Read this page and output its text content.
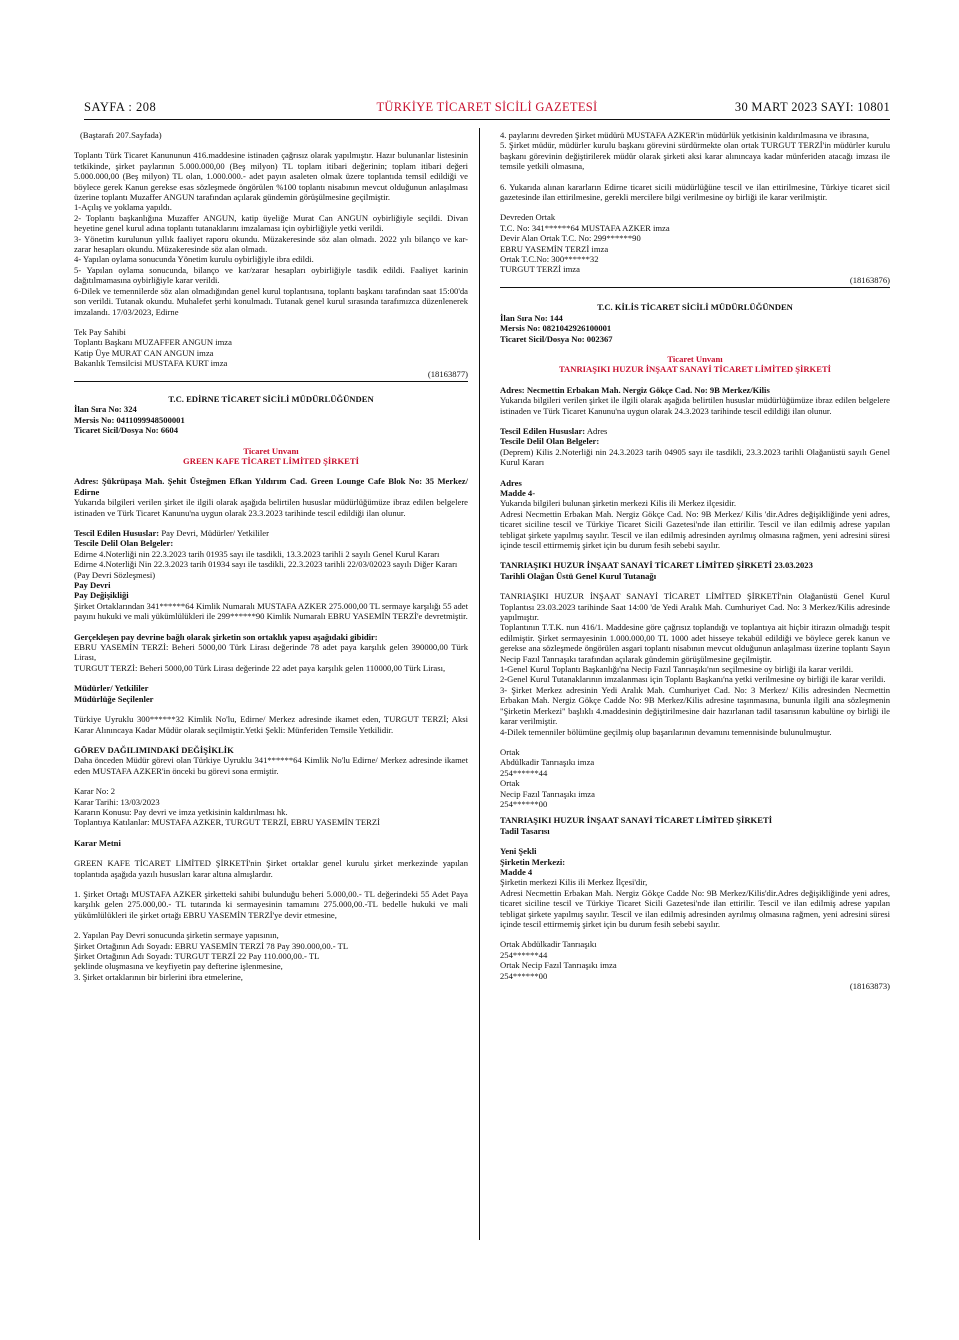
SAYFA : 208	TÜRKİYE TİCARET SİCİLİ GAZETESİ	30 MART 2023 SAYI: 10801

(Baştarafı 207.Sayfada)

Toplantı Türk Ticaret Kanununun 416.maddesine istinaden çağrısız olarak yapılmıştır. Hazır bulunanlar listesinin tetkikinde, şirket paylarının 5.000.000,00 (Beş milyon) TL toplam itibari değerinin; toplam itibari değeri 5.000.000,00 (Beş milyon) TL olan, 1.000.000.- adet payın asaleten olmak üzere toplantıda temsil edildiği ve böylece gerek Kanun gerekse esas sözleşmede öngörülen %100 toplantı nisabının mevcut olduğunun anlaşılması üzerine toplantı Muzaffer ANGUN tarafından açılarak gündemin görüşülmesine geçilmiştir.

1-Açılış ve yoklama yapıldı.

2- Toplantı başkanlığına Muzaffer ANGUN, katip üyeliğe Murat Can ANGUN oybirliğiyle seçildi. Divan heyetine genel kurul adına toplantı tutanaklarını imzalaması için oybirliğiyle yetki verildi.

3- Yönetim kurulunun yıllık faaliyet raporu okundu. Müzakeresinde söz alan olmadı. 2022 yılı bilanço ve kar-zarar hesapları okundu. Müzakeresinde söz alan olmadı.

4- Yapılan oylama sonucunda Yönetim kurulu oybirliğiyle ibra edildi.

5- Yapılan oylama sonucunda, bilanço ve kar/zarar hesapları oybirliğiyle tasdik edildi. Faaliyet karinin dağıtılmamasına oybirliğiyle karar verildi.

6-Dilek ve temennilerde söz alan olmadığından genel kurul toplantısına, toplantı başkanı tarafından saat 15:00'da son verildi. Tutanak okundu. Muhalefet şerhi konulmadı. Tutanak genel kurul sırasında tarafımızca düzenlenerek imzalandı. 17/03/2023, Edirne

Tek Pay Sahibi

Toplantı Başkanı MUZAFFER ANGUN imza

Katip Üye MURAT CAN ANGUN imza

Bakanlık Temsilcisi MUSTAFA KURT imza

(18163877)

T.C. EDİRNE TİCARET SİCİLİ MÜDÜRLÜĞÜNDEN

İlan Sıra No: 324

Mersis No: 0411099948500001

Ticaret Sicil/Dosya No: 6604

Ticaret Unvanı

GREEN KAFE TİCARET LİMİTED ŞİRKETİ

Adres: Şükrüpaşa Mah. Şehit Üsteğmen Efkan Yıldırım Cad. Green Lounge Cafe Blok No: 35 Merkez/ Edirne

Yukarıda bilgileri verilen şirket ile ilgili olarak aşağıda belirtilen hususlar müdürlüğümüze ibraz edilen belgelere istinaden ve Türk Ticaret Kanunu'na uygun olarak 23.3.2023 tarihinde tescil edildiği ilan olunur.

Tescil Edilen Hususlar: Pay Devri, Müdürler/ Yetkililer

Tescile Delil Olan Belgeler:

Edirne 4.Noterliği nin 22.3.2023 tarih 01935 sayı ile tasdikli, 13.3.2023 tarihli 2 sayılı Genel Kurul Kararı

Edirne 4.Noterliği Nin 22.3.2023 tarih 01934 sayı ile tasdikli, 22.3.2023 tarihli 22/03/02023 sayılı Diğer Kararı

(Pay Devri Sözleşmesi)

Pay Devri

Pay Değişikliği

Şirket Ortaklarından 341******64 Kimlik Numaralı MUSTAFA AZKER 275.000,00 TL sermaye karşılığı 55 adet payını hukuki ve mali yükümlülükleri ile 299******90 Kimlik Numaralı EBRU YASEMİN TERZİ'e devretmiştir.

Gerçekleşen pay devrine bağlı olarak şirketin son ortaklık yapısı aşağıdaki gibidir:

EBRU YASEMİN TERZİ: Beheri 5000,00 Türk Lirası değerinde 78 adet paya karşılık gelen 390000,00 Türk Lirası,

TURGUT TERZİ: Beheri 5000,00 Türk Lirası değerinde 22 adet paya karşılık gelen 110000,00 Türk Lirası,

Müdürler/ Yetkililer

Müdürlüğe Seçilenler

Türkiye Uyruklu 300******32 Kimlik No'lu, Edirne/ Merkez adresinde ikamet eden, TURGUT TERZİ; Aksi Karar Alınıncaya Kadar Müdür olarak seçilmiştir.Yetki Şekli: Münferiden Temsile Yetkilidir.

GÖREV DAĞILIMINDAKİ DEĞİŞİKLİK

Daha önceden Müdür görevi olan Türkiye Uyruklu 341******64 Kimlik No'lu Edirne/ Merkez adresinde ikamet eden MUSTAFA AZKER'in önceki bu görevi sona ermiştir.

Karar No: 2

Karar Tarihi: 13/03/2023

Kararın Konusu: Pay devri ve imza yetkisinin kaldırılması hk.

Toplantıya Katılanlar: MUSTAFA AZKER, TURGUT TERZİ, EBRU YASEMİN TERZİ

Karar Metni

GREEN KAFE TİCARET LİMİTED ŞİRKETİ'nin Şirket ortaklar genel kurulu şirket merkezinde yapılan toplantıda aşağıda yazılı hususları karar altına almışlardır.

1. Şirket Ortağı MUSTAFA AZKER şirketteki sahibi bulunduğu beheri 5.000,00.- TL değerindeki 55 Adet Paya karşılık gelen 275.000,00.- TL tutarında ki sermayesinin tamamını 275.000,00.-TL bedelle hukuki ve mali yükümlülükleri ile şirket ortağı EBRU YASEMİN TERZİ'ye devir etmesine,

2. Yapılan Pay Devri sonucunda şirketin sermaye yapısının,

Şirket Ortağının Adı Soyadı: EBRU YASEMİN TERZİ 78 Pay 390.000,00.- TL

Şirket Ortağının Adı Soyadı: TURGUT TERZİ 22 Pay 110.000,00.- TL

şeklinde oluşmasına ve keyfiyetin pay defterine işlenmesine,

3. Şirket ortaklarının bir birlerini ibra etmelerine,

4. paylarını devreden Şirket müdürü MUSTAFA AZKER'in müdürlük yetkisinin kaldırılmasına ve ibrasına,

5. Şirket müdür, müdürler kurulu başkanı görevini sürdürmekte olan ortak TURGUT TERZİ'in müdürler kurulu başkanı görevinin değiştirilerek müdür olarak şirketi aksi karar alınıncaya kadar münferiden atacağı imzası ile temsile yetkili olmasına,

6. Yukarıda alınan kararların Edirne ticaret sicili müdürlüğüne tescil ve ilan ettirilmesine, Türkiye ticaret sicil gazetesinde ilan ettirilmesine, gerekli mercilere bilgi verilmesine oy birliği ile karar verilmiştir.

Devreden Ortak

T.C. No: 341******64 MUSTAFA AZKER imza

Devir Alan Ortak T.C. No: 299******90

EBRU YASEMİN TERZİ imza

Ortak T.C.No: 300******32

TURGUT TERZİ imza

(18163876)

T.C. KİLİS TİCARET SİCİLİ MÜDÜRLÜĞÜNDEN

İlan Sıra No: 144

Mersis No: 0821042926100001

Ticaret Sicil/Dosya No: 002367

Ticaret Unvanı

TANRIAŞIKI HUZUR İNŞAAT SANAYİ TİCARET LİMİTED ŞİRKETİ

Adres: Necmettin Erbakan Mah. Nergiz Gökçe Cad. No: 9B Merkez/Kilis

Yukarıda bilgileri verilen şirket ile ilgili olarak aşağıda belirtilen hususlar müdürlüğümüze ibraz edilen belgelere istinaden ve Türk Ticaret Kanunu'na uygun olarak 24.3.2023 tarihinde tescil edildiği ilan olunur.

Tescil Edilen Hususlar: Adres

Tescile Delil Olan Belgeler:

(Deprem) Kilis 2.Noterliği nin 24.3.2023 tarih 04905 sayı ile tasdikli, 23.3.2023 tarihli Olağanüstü sayılı Genel Kurul Kararı

Adres

Madde 4-

Yukarıda bilgileri bulunan şirketin merkezi Kilis ili Merkez ilçesidir.

Adresi Necmettin Erbakan Mah. Nergiz Gökçe Cad. No: 9B Merkez/ Kilis 'dir.Adres değişikliğinde yeni adres, ticaret siciline tescil ve Türkiye Ticaret Sicili Gazetesi'nde ilan ettirilir. Tescil ve ilan edilmiş adrese yapılan tebligat şirkete yapılmış sayılır. Tescil ve ilan edilmiş adresinden ayrılmış olmasına rağmen, yeni adresini süresi içinde tescil ettirmemiş şirket için bu durum fesih sebebi sayılır.

TANRIAŞIKI HUZUR İNŞAAT SANAYİ TİCARET LİMİTED ŞİRKETİ 23.03.2023

Tarihli Olağan Üstü Genel Kurul Tutanağı

TANRIAŞIKI HUZUR İNŞAAT SANAYİ TİCARET LİMİTED ŞİRKETİ'nin Olağanüstü Genel Kurul Toplantısı 23.03.2023 tarihinde Saat 14:00 'de Yedi Aralık Mah. Cumhuriyet Cad. No: 3 Merkez/Kilis adresinde yapılmıştır.

Toplantının T.T.K. nun 416/1. Maddesine göre çağrısız toplandığı ve toplantıya ait hiçbir itirazın olmadığı tespit edilmiştir. Şirket sermayesinin 1.000.000,00 TL 1000 adet hisseye tekabül edildiği ve böylece gerek kanun ve gerekse ana sözleşmede öngörülen asgari toplantı nisabının mevcut olduğunun anlaşılması üzerine toplantı Sayın Necip Fazıl Tanrıaşıkı tarafından açılarak gündemin görüşülmesine geçilmiştir.

1-Genel Kurul Toplantı Başkanlığı'na Necip Fazıl Tanrıaşıkı'nın seçilmesine oy birliği ila karar verildi.

2-Genel Kurul Tutanaklarının imzalanması için Toplantı Başkanı'na yetki verilmesine oy birliği ile karar verildi.

3- Şirket Merkez adresinin Yedi Aralık Mah. Cumhuriyet Cad. No: 3 Merkez/ Kilis adresinden Necmettin Erbakan Mah. Nergiz Gökçe Cadde No: 9B Merkez/Kilis adresine taşınmasına, bununla ilgili ana sözleşmenin "Şirketin Merkezi" başlıklı 4.maddesinin değiştirilmesine dair hazırlanan tadil tasarısının kabulüne oy birliği ile karar verilmiştir.

4-Dilek temenniler bölümüne geçilmiş olup başarılarının devamını temennisinde bulunulmuştur.

Ortak

Abdülkadir Tanrıaşıkı imza

254******44

Ortak

Necip Fazıl Tanrıaşıkı imza

254******00

TANRIAŞIKI HUZUR İNŞAAT SANAYİ TİCARET LİMİTED ŞİRKETİ

Tadil Tasarısı

Yeni Şekli

Şirketin Merkezi:

Madde 4

Şirketin merkezi Kilis ili Merkez İlçesi'dir,

Adresi Necmettin Erbakan Mah. Nergiz Gökçe Cadde No: 9B Merkez/Kilis'dir.Adres değişikliğinde yeni adres, ticaret siciline tescil ve Türkiye Ticaret Sicili Gazetesi'nde ilan ettirilir. Tescil ve ilan edilmiş adrese yapılan tebligat şirkete yapılmış sayılır. Tescil ve ilan edilmiş adresinden ayrılmış olmasına rağmen, yeni adresini süresi içinde tescil ettirmemiş şirket için bu durum fesih sebebi sayılır.

Ortak Abdülkadir Tanrıaşıkı

254******44

Ortak Necip Fazıl Tanrıaşıkı imza

254******00

(18163873)
